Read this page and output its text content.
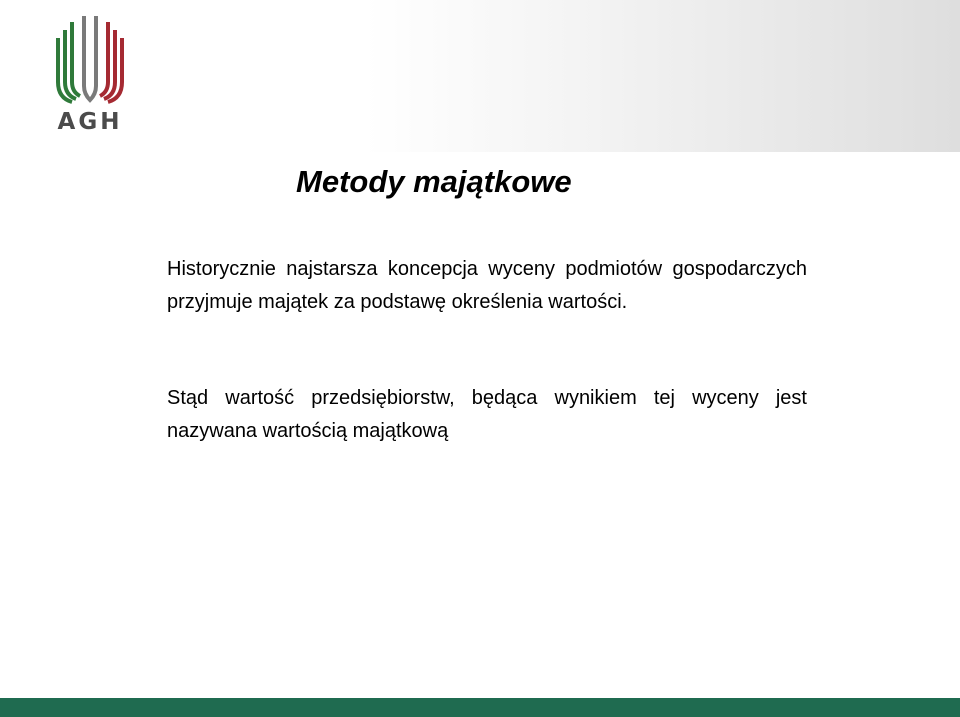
AGH
Metody majątkowe

Historycznie najstarsza koncepcja wyceny podmiotów gospodarczych przyjmuje majątek za podstawę określenia wartości.

Stąd wartość przedsiębiorstw, będąca wynikiem tej wyceny jest nazywana wartością majątkową
